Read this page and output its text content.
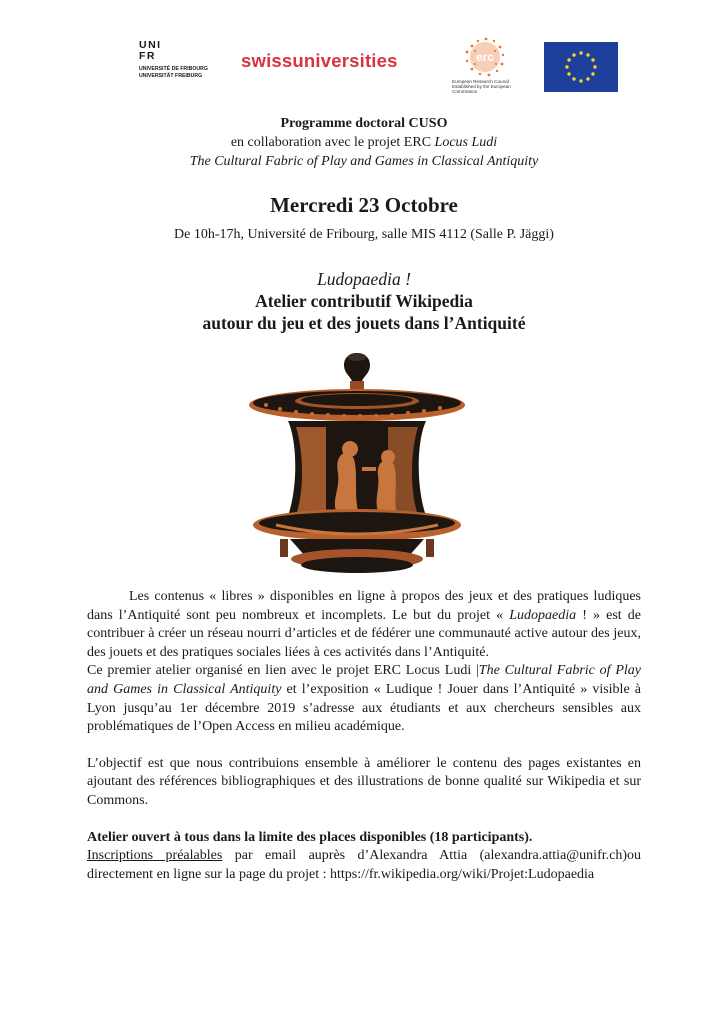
UNI
FR
UNIVERSITÉ DE FRIBOURG
UNIVERSITÄT FREIBURG
swissuniversities	erc
European Research Council
Established by the European Commission
Programme doctoral CUSO
en collaboration avec le projet ERC Locus Ludi
The Cultural Fabric of Play and Games in Classical Antiquity
Mercredi 23 Octobre
De 10h-17h, Université de Fribourg, salle MIS 4112 (Salle P. Jäggi)
Ludopaedia !
Atelier contributif Wikipedia
autour du jeu et des jouets dans l’Antiquité

Les contenus « libres » disponibles en ligne à propos des jeux et des pratiques ludiques dans l’Antiquité sont peu nombreux et incomplets. Le but du projet « Ludopaedia ! » est de contribuer à créer un réseau nourri d’articles et de fédérer une communauté active autour des jeux, des jouets et des pratiques sociales liées à ces activités dans l’Antiquité.

Ce premier atelier organisé en lien avec le projet ERC Locus Ludi |The Cultural Fabric of Play and Games in Classical Antiquity et l’exposition « Ludique ! Jouer dans l’Antiquité » visible à Lyon jusqu’au 1er décembre 2019 s’adresse aux étudiants et aux chercheurs sensibles aux problématiques de l’Open Access en milieu académique.

L’objectif est que nous contribuions ensemble à améliorer le contenu des pages existantes en ajoutant des références bibliographiques et des illustrations de bonne qualité sur Wikipedia et sur Commons.

Atelier ouvert à tous dans la limite des places disponibles (18 participants).

Inscriptions préalables par email auprès d’Alexandra Attia (alexandra.attia@unifr.ch)ou directement en ligne sur la page du projet : https://fr.wikipedia.org/wiki/Projet:Ludopaedia
